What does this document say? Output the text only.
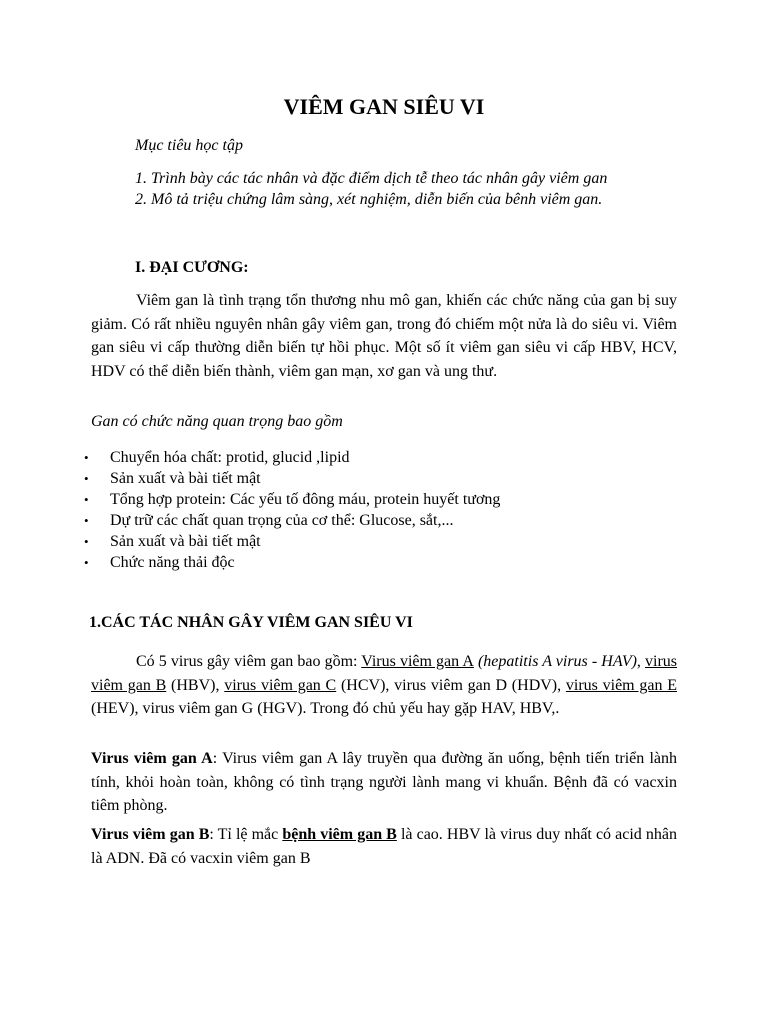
VIÊM GAN SIÊU VI

Mục tiêu học tập

1. Trình bày các tác nhân và đặc điểm dịch tễ theo tác nhân gây viêm gan

2. Mô tả triệu chứng lâm sàng, xét nghiệm, diễn biến của bênh viêm gan.

I. ĐẠI CƯƠNG:

Viêm gan là tình trạng tổn thương nhu mô gan, khiến các chức năng của gan bị suy giảm. Có rất nhiều nguyên nhân gây viêm gan, trong đó chiếm một nửa là do siêu vi. Viêm gan siêu vi cấp thường diễn biến tự hồi phục. Một số ít viêm gan siêu vi cấp HBV, HCV, HDV có thể diễn biến thành, viêm gan mạn, xơ gan và ung thư.

Gan có chức năng quan trọng bao gồm

• Chuyển hóa chất: protid, glucid ,lipid
• Sản xuất và bài tiết mật
• Tổng hợp protein: Các yếu tố đông máu, protein huyết tương
• Dự trữ các chất quan trọng của cơ thể: Glucose, sắt,...
• Sản xuất và bài tiết mật
• Chức năng thải độc

1.CÁC TÁC NHÂN GÂY VIÊM GAN SIÊU VI

Có 5 virus gây viêm gan bao gồm: Virus viêm gan A (hepatitis A virus - HAV), virus viêm gan B (HBV), virus viêm gan C (HCV), virus viêm gan D (HDV), virus viêm gan E (HEV), virus viêm gan G (HGV). Trong đó chủ yếu hay gặp HAV, HBV,.

Virus viêm gan A: Virus viêm gan A lây truyền qua đường ăn uống, bệnh tiến triển lành tính, khỏi hoàn toàn, không có tình trạng người lành mang vi khuẩn. Bệnh đã có vacxin tiêm phòng.

Virus viêm gan B: Tỉ lệ mắc bệnh viêm gan B là cao. HBV là virus duy nhất có acid nhân là ADN. Đã có vacxin viêm gan B
